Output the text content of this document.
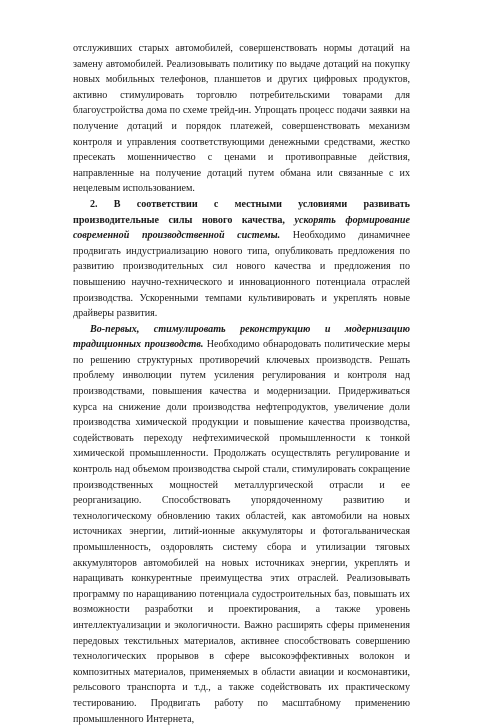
отслуживших старых автомобилей, совершенствовать нормы дотаций на замену автомобилей. Реализовывать политику по выдаче дотаций на покупку новых мобильных телефонов, планшетов и других цифровых продуктов, активно стимулировать торговлю потребительскими товарами для благоустройства дома по схеме трейд-ин. Упрощать процесс подачи заявки на получение дотаций и порядок платежей, совершенствовать механизм контроля и управления соответствующими денежными средствами, жестко пресекать мошенничество с ценами и противоправные действия, направленные на получение дотаций путем обмана или связанные с их нецелевым использованием.

2. В соответствии с местными условиями развивать производительные силы нового качества, ускорять формирование современной производственной системы. Необходимо динамичнее продвигать индустриализацию нового типа, опубликовать предложения по развитию производительных сил нового качества и предложения по повышению научно-технического и инновационного потенциала отраслей производства. Ускоренными темпами культивировать и укреплять новые драйверы развития.

Во-первых, стимулировать реконструкцию и модернизацию традиционных производств. Необходимо обнародовать политические меры по решению структурных противоречий ключевых производств. Решать проблему инволюции путем усиления регулирования и контроля над производствами, повышения качества и модернизации. Придерживаться курса на снижение доли производства нефтепродуктов, увеличение доли производства химической продукции и повышение качества производства, содействовать переходу нефтехимической промышленности к тонкой химической промышленности. Продолжать осуществлять регулирование и контроль над объемом производства сырой стали, стимулировать сокращение производственных мощностей металлургической отрасли и ее реорганизацию. Способствовать упорядоченному развитию и технологическому обновлению таких областей, как автомобили на новых источниках энергии, литий-ионные аккумуляторы и фотогальваническая промышленность, оздоровлять систему сбора и утилизации тяговых аккумуляторов автомобилей на новых источниках энергии, укреплять и наращивать конкурентные преимущества этих отраслей. Реализовывать программу по наращиванию потенциала судостроительных баз, повышать их возможности разработки и проектирования, а также уровень интеллектуализации и экологичности. Важно расширять сферы применения передовых текстильных материалов, активнее способствовать совершению технологических прорывов в сфере высокоэффективных волокон и композитных материалов, применяемых в области авиации и космонавтики, рельсового транспорта и т.д., а также содействовать их практическому тестированию. Продвигать работу по масштабному применению промышленного Интернета,
